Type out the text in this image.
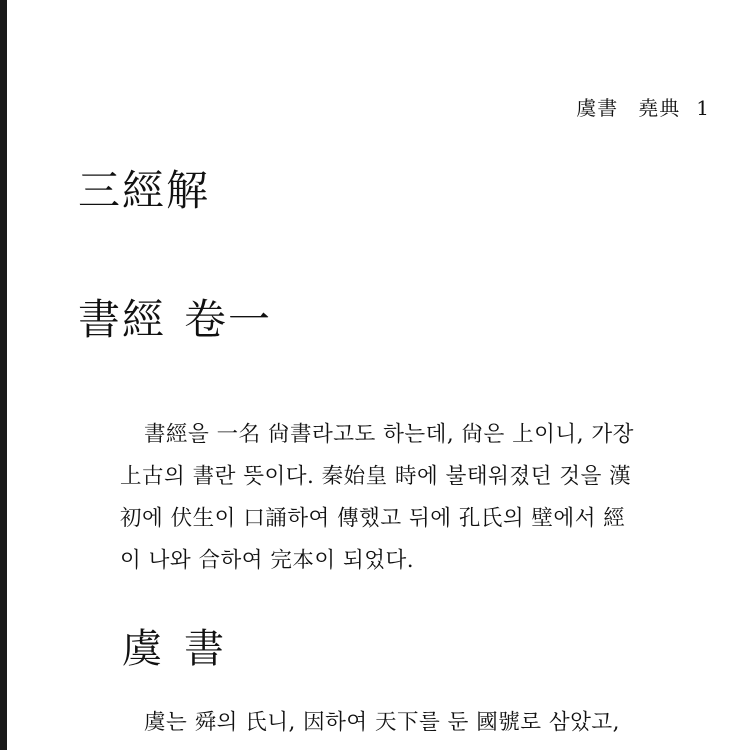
虞書 堯典 1
三經解
書經 卷一
書經을 一名 尙書라고도 하는데, 尙은 上이니, 가장
上古의 書란 뜻이다. 秦始皇 時에 불태워졌던 것을 漢
初에 伏生이 口誦하여 傳했고 뒤에 孔氏의 壁에서 經
이 나와 合하여 完本이 되었다.
虞書
虞는 舜의 氏니, 因하여 天下를 둔 國號로 삼았고,
